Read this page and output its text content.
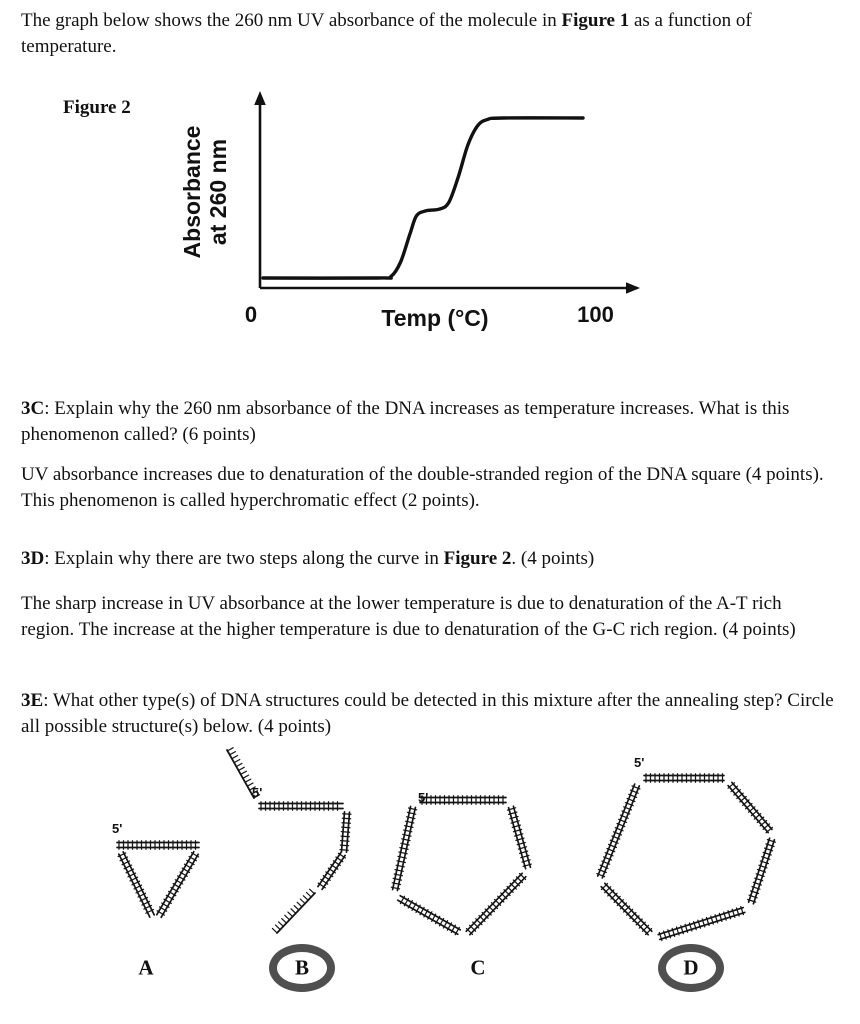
The graph below shows the 260 nm UV absorbance of the molecule in Figure 1 as a function of temperature.

Figure 2

Absorbance at 260 nm
0	Temp (°C)	100

3C: Explain why the 260 nm absorbance of the DNA increases as temperature increases. What is this phenomenon called? (6 points)

UV absorbance increases due to denaturation of the double-stranded region of the DNA square (4 points). This phenomenon is called hyperchromatic effect (2 points).

3D: Explain why there are two steps along the curve in Figure 2. (4 points)

The sharp increase in UV absorbance at the lower temperature is due to denaturation of the A-T rich region. The increase at the higher temperature is due to denaturation of the G-C rich region. (4 points)

3E: What other type(s) of DNA structures could be detected in this mixture after the annealing step? Circle all possible structure(s) below. (4 points)

5'
5'	5'
5'
A	B	C	D
